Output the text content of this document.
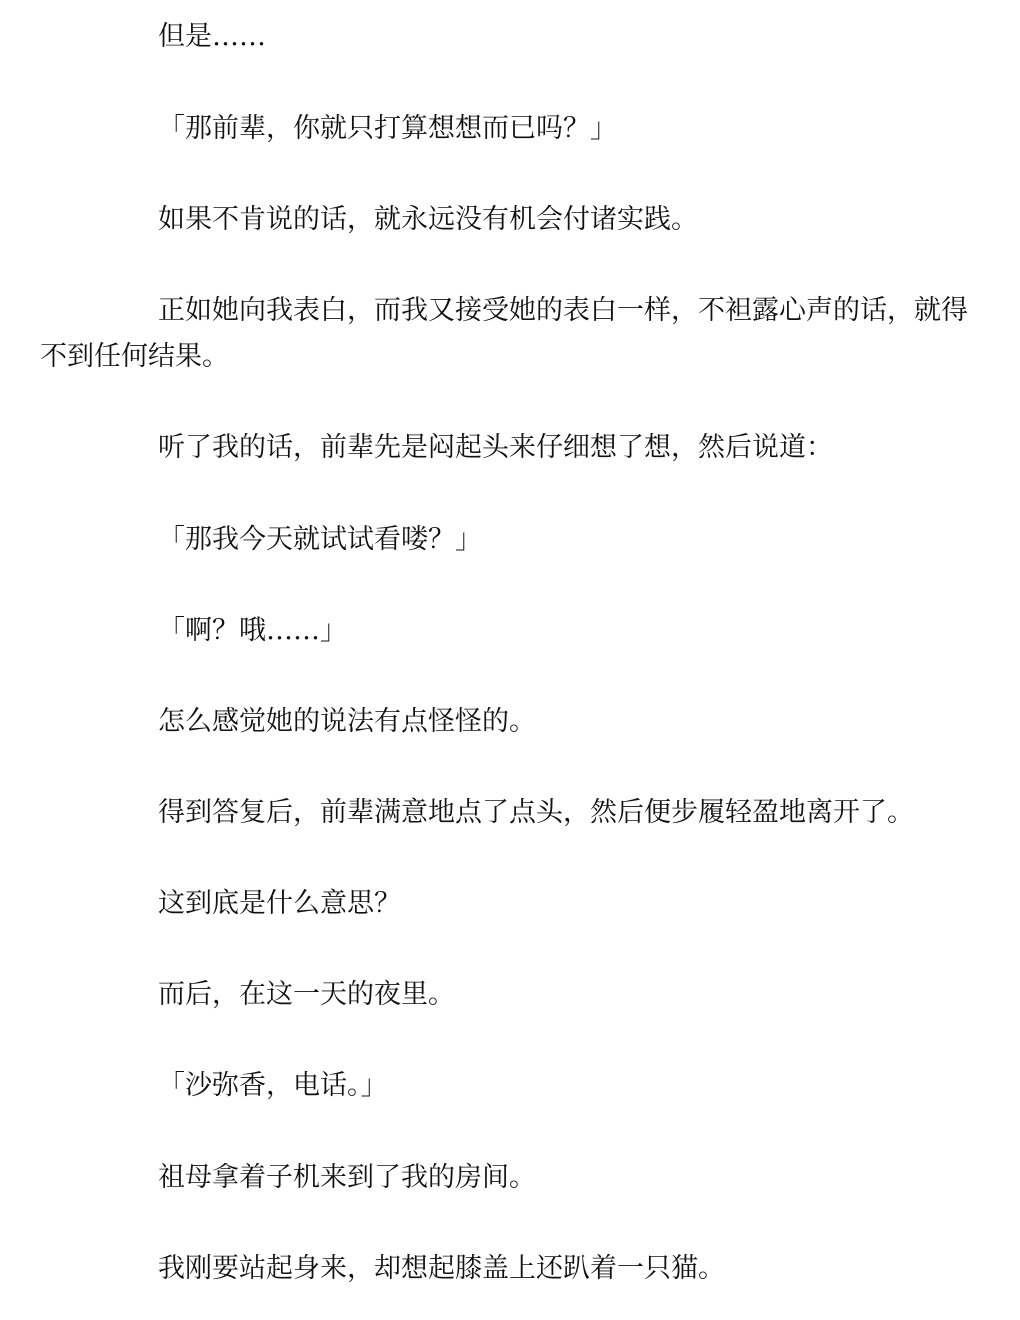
但是……

「那前辈，你就只打算想想而已吗？」

如果不肯说的话，就永远没有机会付诸实践。

正如她向我表白，而我又接受她的表白一样，不袒露心声的话，就得不到任何结果。

听了我的话，前辈先是闷起头来仔细想了想，然后说道：

「那我今天就试试看喽？」

「啊？哦……」

怎么感觉她的说法有点怪怪的。

得到答复后，前辈满意地点了点头，然后便步履轻盈地离开了。

这到底是什么意思？

而后，在这一天的夜里。

「沙弥香，电话。」

祖母拿着子机来到了我的房间。

我刚要站起身来，却想起膝盖上还趴着一只猫。
